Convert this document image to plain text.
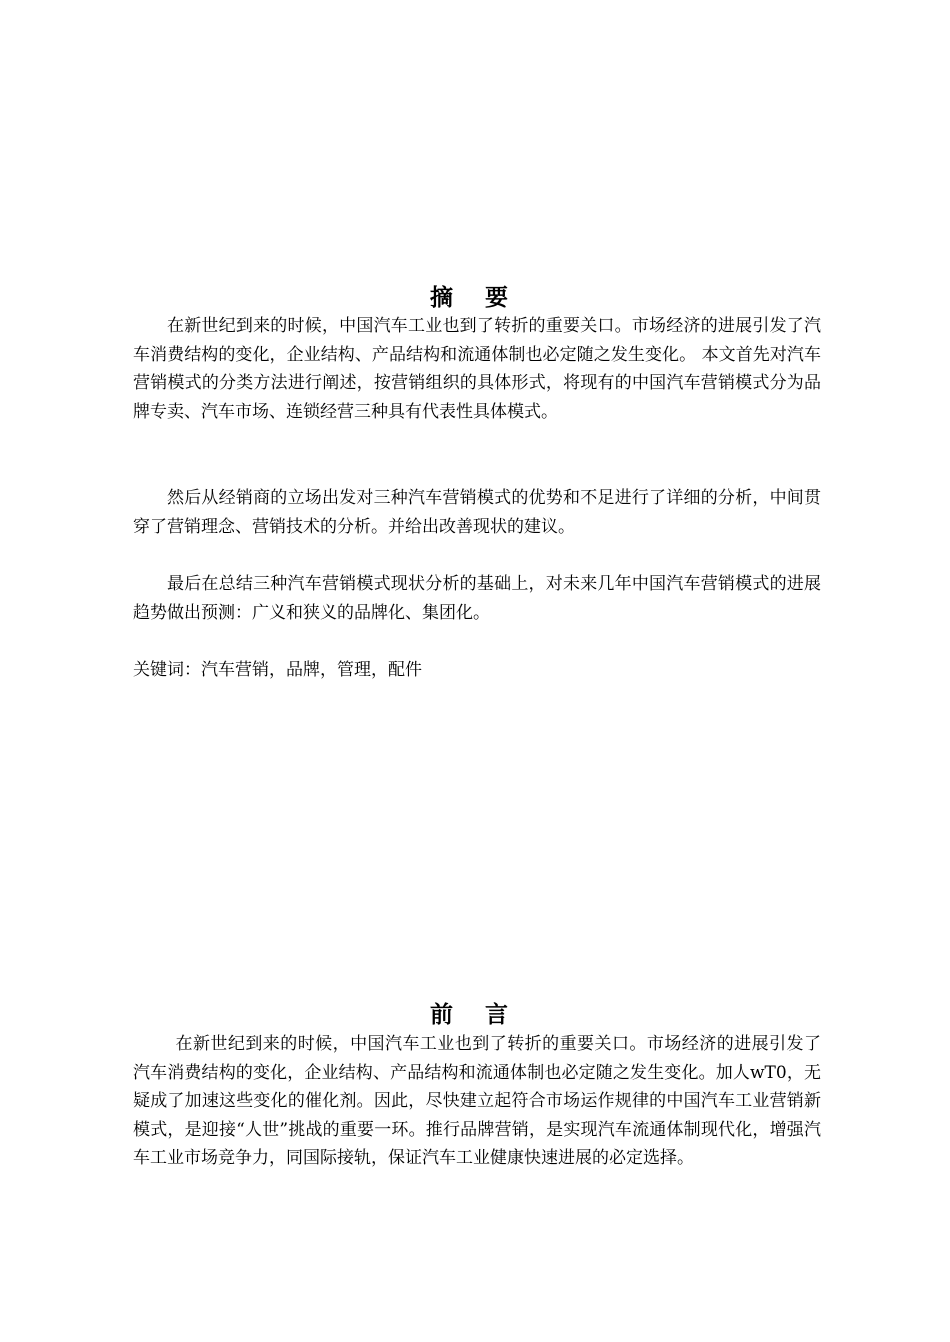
摘 要

在新世纪到来的时候，中国汽车工业也到了转折的重要关口。市场经济的进展引发了汽车消费结构的变化，企业结构、产品结构和流通体制也必定随之发生变化。 本文首先对汽车营销模式的分类方法进行阐述，按营销组织的具体形式，将现有的中国汽车营销模式分为品牌专卖、汽车市场、连锁经营三种具有代表性具体模式。

然后从经销商的立场出发对三种汽车营销模式的优势和不足进行了详细的分析，中间贯穿了营销理念、营销技术的分析。并给出改善现状的建议。

最后在总结三种汽车营销模式现状分析的基础上，对未来几年中国汽车营销模式的进展趋势做出预测：广义和狭义的品牌化、集团化。

关键词：汽车营销，品牌，管理，配件

前 言

在新世纪到来的时候，中国汽车工业也到了转折的重要关口。市场经济的进展引发了汽车消费结构的变化，企业结构、产品结构和流通体制也必定随之发生变化。加人wT0，无疑成了加速这些变化的催化剂。因此，尽快建立起符合市场运作规律的中国汽车工业营销新模式，是迎接“人世”挑战的重要一环。推行品牌营销，是实现汽车流通体制现代化，增强汽车工业市场竞争力，同国际接轨，保证汽车工业健康快速进展的必定选择。
